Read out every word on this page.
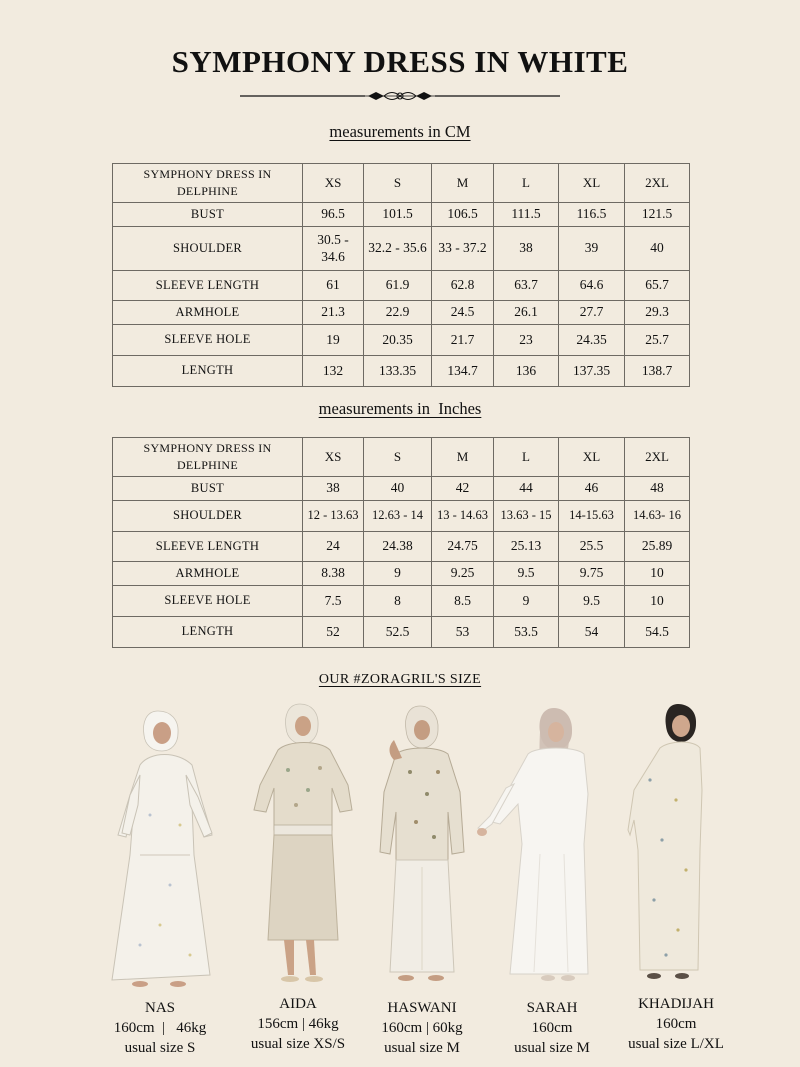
SYMPHONY DRESS IN WHITE
measurements in CM
SYMPHONY DRESS IN DELPHINE	XS	S	M	L	XL	2XL
BUST	96.5	101.5	106.5	111.5	116.5	121.5
SHOULDER	30.5 - 34.6	32.2 - 35.6	33 - 37.2	38	39	40
SLEEVE LENGTH	61	61.9	62.8	63.7	64.6	65.7
ARMHOLE	21.3	22.9	24.5	26.1	27.7	29.3
SLEEVE HOLE	19	20.35	21.7	23	24.35	25.7
LENGTH	132	133.35	134.7	136	137.35	138.7
measurements in  Inches
SYMPHONY DRESS IN DELPHINE	XS	S	M	L	XL	2XL
BUST	38	40	42	44	46	48
SHOULDER	12 - 13.63	12.63 - 14	13 - 14.63	13.63 - 15	14-15.63	14.63- 16
SLEEVE LENGTH	24	24.38	24.75	25.13	25.5	25.89
ARMHOLE	8.38	9	9.25	9.5	9.75	10
SLEEVE HOLE	7.5	8	8.5	9	9.5	10
LENGTH	52	52.5	53	53.5	54	54.5
OUR #ZORAGRIL'S SIZE
NAS
160cm  |   46kg
usual size S
AIDA
156cm | 46kg
usual size XS/S
HASWANI
160cm | 60kg
usual size M
SARAH
160cm
usual size M
KHADIJAH
160cm
usual size L/XL
